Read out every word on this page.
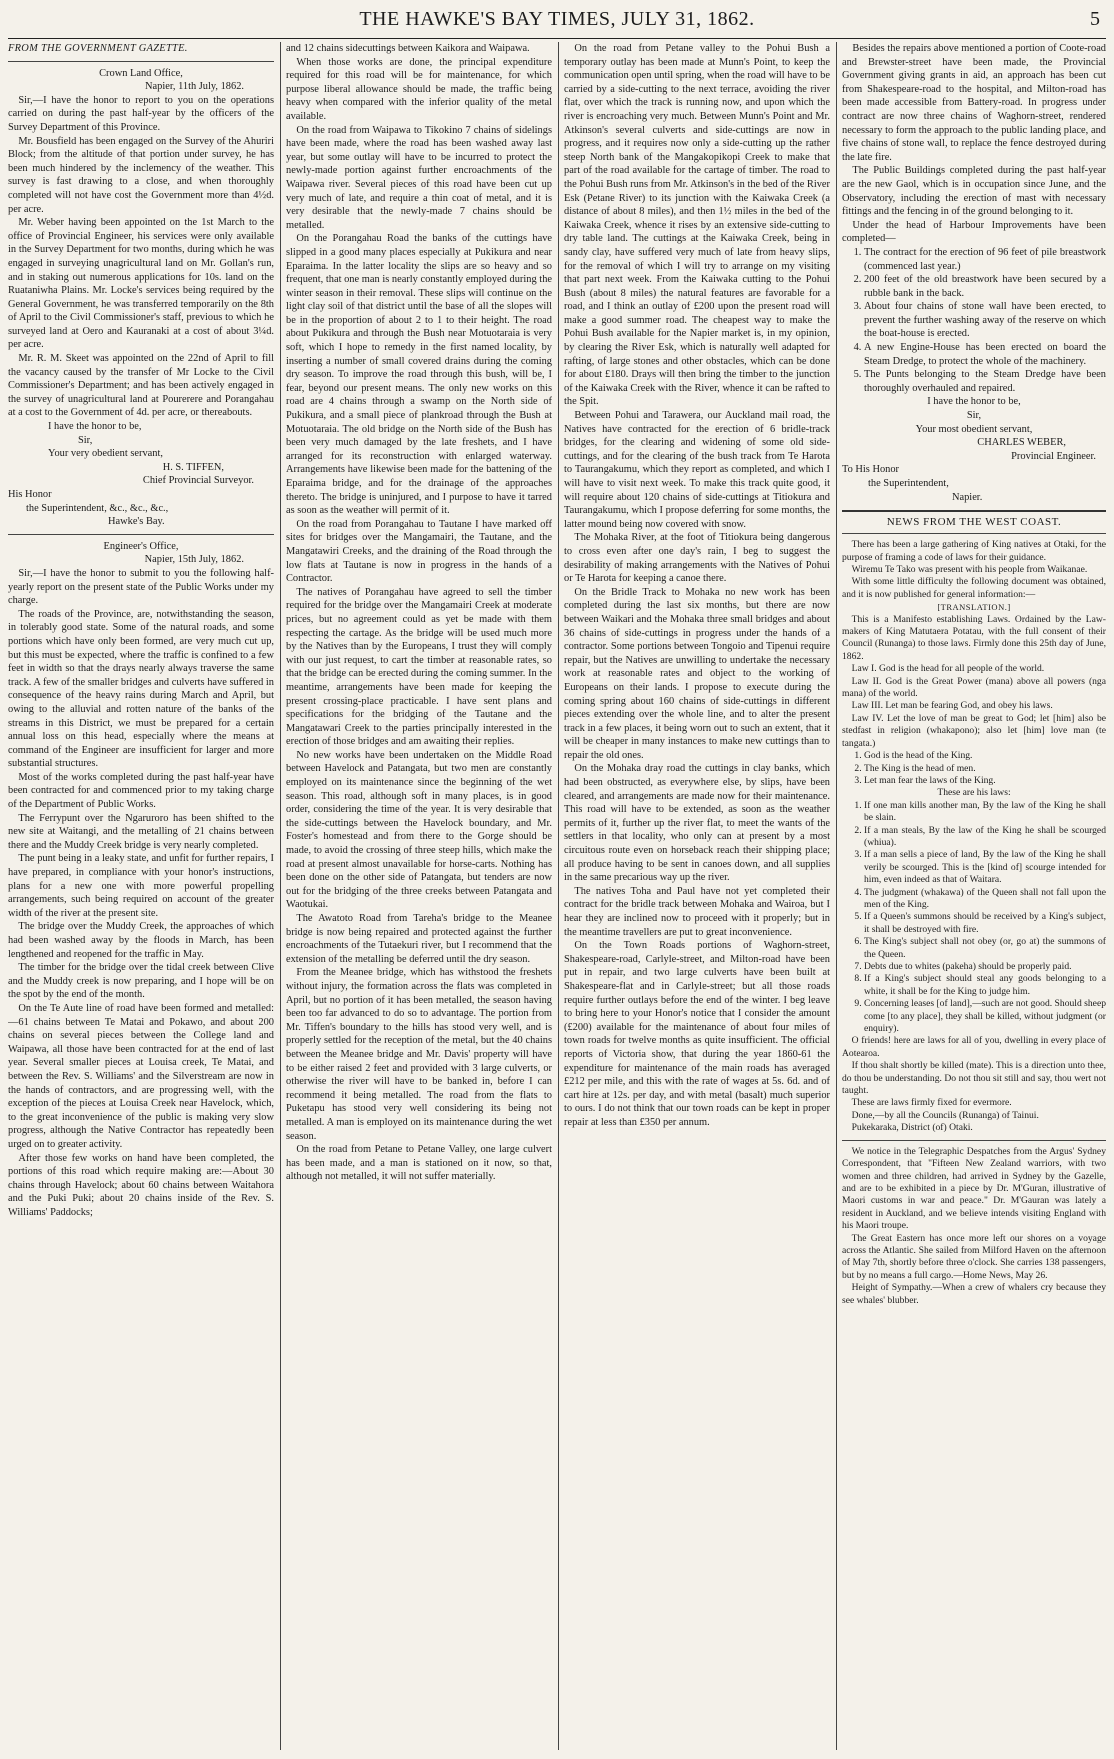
THE HAWKE'S BAY TIMES, JULY 31, 1862.	5

FROM THE GOVERNMENT GAZETTE.

Crown Land Office,

Napier, 11th July, 1862.

Sir,—I have the honor to report to you on the operations carried on during the past half-year by the officers of the Survey Department of this Province.

Mr. Bousfield has been engaged on the Survey of the Ahuriri Block; from the altitude of that portion under survey, he has been much hindered by the inclemency of the weather. This survey is fast drawing to a close, and when thoroughly completed will not have cost the Government more than 4½d. per acre.

Mr. Weber having been appointed on the 1st March to the office of Provincial Engineer, his services were only available in the Survey Department for two months, during which he was engaged in surveying unagricultural land on Mr. Gollan's run, and in staking out numerous applications for 10s. land on the Ruataniwha Plains. Mr. Locke's services being required by the General Government, he was transferred temporarily on the 8th of April to the Civil Commissioner's staff, previous to which he surveyed land at Oero and Kauranaki at a cost of about 3¼d. per acre.

Mr. R. M. Skeet was appointed on the 22nd of April to fill the vacancy caused by the transfer of Mr Locke to the Civil Commissioner's Department; and has been actively engaged in the survey of unagricultural land at Pourerere and Porangahau at a cost to the Government of 4d. per acre, or thereabouts.

I have the honor to be,

Sir,

Your very obedient servant,

H. S. TIFFEN,

Chief Provincial Surveyor.

His Honor

the Superintendent, &c., &c., &c.,

Hawke's Bay.

Engineer's Office,

Napier, 15th July, 1862.

Sir,—I have the honor to submit to you the following half-yearly report on the present state of the Public Works under my charge.

The roads of the Province, are, notwithstanding the season, in tolerably good state. Some of the natural roads, and some portions which have only been formed, are very much cut up, but this must be expected, where the traffic is confined to a few feet in width so that the drays nearly always traverse the same track. A few of the smaller bridges and culverts have suffered in consequence of the heavy rains during March and April, but owing to the alluvial and rotten nature of the banks of the streams in this District, we must be prepared for a certain annual loss on this head, especially where the means at command of the Engineer are insufficient for larger and more substantial structures.

Most of the works completed during the past half-year have been contracted for and commenced prior to my taking charge of the Department of Public Works.

The Ferrypunt over the Ngaruroro has been shifted to the new site at Waitangi, and the metalling of 21 chains between there and the Muddy Creek bridge is very nearly completed.

The punt being in a leaky state, and unfit for further repairs, I have prepared, in compliance with your honor's instructions, plans for a new one with more powerful propelling arrangements, such being required on account of the greater width of the river at the present site.

The bridge over the Muddy Creek, the approaches of which had been washed away by the floods in March, has been lengthened and reopened for the traffic in May.

The timber for the bridge over the tidal creek between Clive and the Muddy creek is now preparing, and I hope will be on the spot by the end of the month.

On the Te Aute line of road have been formed and metalled:—61 chains between Te Matai and Pokawo, and about 200 chains on several pieces between the College land and Waipawa, all those have been contracted for at the end of last year. Several smaller pieces at Louisa creek, Te Matai, and between the Rev. S. Williams' and the Silverstream are now in the hands of contractors, and are progressing well, with the exception of the pieces at Louisa Creek near Havelock, which, to the great inconvenience of the public is making very slow progress, although the Native Contractor has repeatedly been urged on to greater activity.

After those few works on hand have been completed, the portions of this road which require making are:—About 30 chains through Havelock; about 60 chains between Waitahora and the Puki Puki; about 20 chains inside of the Rev. S. Williams' Paddocks;

and 12 chains sidecuttings between Kaikora and Waipawa.

When those works are done, the principal expenditure required for this road will be for maintenance, for which purpose liberal allowance should be made, the traffic being heavy when compared with the inferior quality of the metal available.

On the road from Waipawa to Tikokino 7 chains of sidelings have been made, where the road has been washed away last year, but some outlay will have to be incurred to protect the newly-made portion against further encroachments of the Waipawa river. Several pieces of this road have been cut up very much of late, and require a thin coat of metal, and it is very desirable that the newly-made 7 chains should be metalled.

On the Porangahau Road the banks of the cuttings have slipped in a good many places especially at Pukikura and near Eparaima. In the latter locality the slips are so heavy and so frequent, that one man is nearly constantly employed during the winter season in their removal. These slips will continue on the light clay soil of that district until the base of all the slopes will be in the proportion of about 2 to 1 to their height. The road about Pukikura and through the Bush near Motuotaraia is very soft, which I hope to remedy in the first named locality, by inserting a number of small covered drains during the coming dry season. To improve the road through this bush, will be, I fear, beyond our present means. The only new works on this road are 4 chains through a swamp on the North side of Pukikura, and a small piece of plankroad through the Bush at Motuotaraia. The old bridge on the North side of the Bush has been very much damaged by the late freshets, and I have arranged for its reconstruction with enlarged waterway. Arrangements have likewise been made for the battening of the Eparaima bridge, and for the drainage of the approaches thereto. The bridge is uninjured, and I purpose to have it tarred as soon as the weather will permit of it.

On the road from Porangahau to Tautane I have marked off sites for bridges over the Mangamairi, the Tautane, and the Mangatawiri Creeks, and the draining of the Road through the low flats at Tautane is now in progress in the hands of a Contractor.

The natives of Porangahau have agreed to sell the timber required for the bridge over the Mangamairi Creek at moderate prices, but no agreement could as yet be made with them respecting the cartage. As the bridge will be used much more by the Natives than by the Europeans, I trust they will comply with our just request, to cart the timber at reasonable rates, so that the bridge can be erected during the coming summer. In the meantime, arrangements have been made for keeping the present crossing-place practicable. I have sent plans and specifications for the bridging of the Tautane and the Mangatawari Creek to the parties principally interested in the erection of those bridges and am awaiting their replies.

No new works have been undertaken on the Middle Road between Havelock and Patangata, but two men are constantly employed on its maintenance since the beginning of the wet season. This road, although soft in many places, is in good order, considering the time of the year. It is very desirable that the side-cuttings between the Havelock boundary, and Mr. Foster's homestead and from there to the Gorge should be made, to avoid the crossing of three steep hills, which make the road at present almost unavailable for horse-carts. Nothing has been done on the other side of Patangata, but tenders are now out for the bridging of the three creeks between Patangata and Waotukai.

The Awatoto Road from Tareha's bridge to the Meanee bridge is now being repaired and protected against the further encroachments of the Tutaekuri river, but I recommend that the extension of the metalling be deferred until the dry season.

From the Meanee bridge, which has withstood the freshets without injury, the formation across the flats was completed in April, but no portion of it has been metalled, the season having been too far advanced to do so to advantage. The portion from Mr. Tiffen's boundary to the hills has stood very well, and is properly settled for the reception of the metal, but the 40 chains between the Meanee bridge and Mr. Davis' property will have to be either raised 2 feet and provided with 3 large culverts, or otherwise the river will have to be banked in, before I can recommend it being metalled. The road from the flats to Puketapu has stood very well considering its being not metalled. A man is employed on its maintenance during the wet season.

On the road from Petane to Petane Valley, one large culvert has been made, and a man is stationed on it now, so that, although not metalled, it will not suffer materially.

On the road from Petane valley to the Pohui Bush a temporary outlay has been made at Munn's Point, to keep the communication open until spring, when the road will have to be carried by a side-cutting to the next terrace, avoiding the river flat, over which the track is running now, and upon which the river is encroaching very much. Between Munn's Point and Mr. Atkinson's several culverts and side-cuttings are now in progress, and it requires now only a side-cutting up the rather steep North bank of the Mangakopikopi Creek to make that part of the road available for the cartage of timber. The road to the Pohui Bush runs from Mr. Atkinson's in the bed of the River Esk (Petane River) to its junction with the Kaiwaka Creek (a distance of about 8 miles), and then 1½ miles in the bed of the Kaiwaka Creek, whence it rises by an extensive side-cutting to dry table land. The cuttings at the Kaiwaka Creek, being in sandy clay, have suffered very much of late from heavy slips, for the removal of which I will try to arrange on my visiting that part next week. From the Kaiwaka cutting to the Pohui Bush (about 8 miles) the natural features are favorable for a road, and I think an outlay of £200 upon the present road will make a good summer road. The cheapest way to make the Pohui Bush available for the Napier market is, in my opinion, by clearing the River Esk, which is naturally well adapted for rafting, of large stones and other obstacles, which can be done for about £180. Drays will then bring the timber to the junction of the Kaiwaka Creek with the River, whence it can be rafted to the Spit.

Between Pohui and Tarawera, our Auckland mail road, the Natives have contracted for the erection of 6 bridle-track bridges, for the clearing and widening of some old side-cuttings, and for the clearing of the bush track from Te Harota to Taurangakumu, which they report as completed, and which I will have to visit next week. To make this track quite good, it will require about 120 chains of side-cuttings at Titiokura and Taurangakumu, which I propose deferring for some months, the latter mound being now covered with snow.

The Mohaka River, at the foot of Titiokura being dangerous to cross even after one day's rain, I beg to suggest the desirability of making arrangements with the Natives of Pohui or Te Harota for keeping a canoe there.

On the Bridle Track to Mohaka no new work has been completed during the last six months, but there are now between Waikari and the Mohaka three small bridges and about 36 chains of side-cuttings in progress under the hands of a contractor. Some portions between Tongoio and Tipenui require repair, but the Natives are unwilling to undertake the necessary work at reasonable rates and object to the working of Europeans on their lands. I propose to execute during the coming spring about 160 chains of side-cuttings in different pieces extending over the whole line, and to alter the present track in a few places, it being worn out to such an extent, that it will be cheaper in many instances to make new cuttings than to repair the old ones.

On the Mohaka dray road the cuttings in clay banks, which had been obstructed, as everywhere else, by slips, have been cleared, and arrangements are made now for their maintenance. This road will have to be extended, as soon as the weather permits of it, further up the river flat, to meet the wants of the settlers in that locality, who only can at present by a most circuitous route even on horseback reach their shipping place; all produce having to be sent in canoes down, and all supplies in the same precarious way up the river.

The natives Toha and Paul have not yet completed their contract for the bridle track between Mohaka and Wairoa, but I hear they are inclined now to proceed with it properly; but in the meantime travellers are put to great inconvenience.

On the Town Roads portions of Waghorn-street, Shakespeare-road, Carlyle-street, and Milton-road have been put in repair, and two large culverts have been built at Shakespeare-flat and in Carlyle-street; but all those roads require further outlays before the end of the winter. I beg leave to bring here to your Honor's notice that I consider the amount (£200) available for the maintenance of about four miles of town roads for twelve months as quite insufficient. The official reports of Victoria show, that during the year 1860-61 the expenditure for maintenance of the main roads has averaged £212 per mile, and this with the rate of wages at 5s. 6d. and of cart hire at 12s. per day, and with metal (basalt) much superior to ours. I do not think that our town roads can be kept in proper repair at less than £350 per annum.

Besides the repairs above mentioned a portion of Coote-road and Brewster-street have been made, the Provincial Government giving grants in aid, an approach has been cut from Shakespeare-road to the hospital, and Milton-road has been made accessible from Battery-road. In progress under contract are now three chains of Waghorn-street, rendered necessary to form the approach to the public landing place, and five chains of stone wall, to replace the fence destroyed during the late fire.

The Public Buildings completed during the past half-year are the new Gaol, which is in occupation since June, and the Observatory, including the erection of mast with necessary fittings and the fencing in of the ground belonging to it.

Under the head of Harbour Improvements have been completed—

1. The contract for the erection of 96 feet of pile breastwork (commenced last year.)
2. 200 feet of the old breastwork have been secured by a rubble bank in the back.
3. About four chains of stone wall have been erected, to prevent the further washing away of the reserve on which the boat-house is erected.
4. A new Engine-House has been erected on board the Steam Dredge, to protect the whole of the machinery.
5. The Punts belonging to the Steam Dredge have been thoroughly overhauled and repaired.

I have the honor to be,

Sir,

Your most obedient servant,

CHARLES WEBER,

Provincial Engineer.

To His Honor

the Superintendent,

Napier.

NEWS FROM THE WEST COAST.

There has been a large gathering of King natives at Otaki, for the purpose of framing a code of laws for their guidance.

Wiremu Te Tako was present with his people from Waikanae.

With some little difficulty the following document was obtained, and it is now published for general information:—

[TRANSLATION.]

This is a Manifesto establishing Laws. Ordained by the Law-makers of King Matutaera Potatau, with the full consent of their Council (Runanga) to those laws. Firmly done this 25th day of June, 1862.

Law I. God is the head for all people of the world.

Law II. God is the Great Power (mana) above all powers (nga mana) of the world.

Law III. Let man be fearing God, and obey his laws.

Law IV. Let the love of man be great to God; let [him] also be stedfast in religion (whakapono); also let [him] love man (te tangata.)

1. God is the head of the King.
2. The King is the head of men.
3. Let man fear the laws of the King.

These are his laws:

1. If one man kills another man, By the law of the King he shall be slain.
2. If a man steals, By the law of the King he shall be scourged (whiua).
3. If a man sells a piece of land, By the law of the King he shall verily be scourged. This is the [kind of] scourge intended for him, even indeed as that of Waitara.
4. The judgment (whakawa) of the Queen shall not fall upon the men of the King.
5. If a Queen's summons should be received by a King's subject, it shall be destroyed with fire.
6. The King's subject shall not obey (or, go at) the summons of the Queen.
7. Debts due to whites (pakeha) should be properly paid.
8. If a King's subject should steal any goods belonging to a white, it shall be for the King to judge him.
9. Concerning leases [of land],—such are not good. Should sheep come [to any place], they shall be killed, without judgment (or enquiry).

O friends! here are laws for all of you, dwelling in every place of Aotearoa.

If thou shalt shortly be killed (mate). This is a direction unto thee, do thou be understanding. Do not thou sit still and say, thou wert not taught.

These are laws firmly fixed for evermore.

Done,—by all the Councils (Runanga) of Tainui.

Pukekaraka, District (of) Otaki.

We notice in the Telegraphic Despatches from the Argus' Sydney Correspondent, that "Fifteen New Zealand warriors, with two women and three children, had arrived in Sydney by the Gazelle, and are to be exhibited in a piece by Dr. M'Guran, illustrative of Maori customs in war and peace." Dr. M'Gauran was lately a resident in Auckland, and we believe intends visiting England with his Maori troupe.

The Great Eastern has once more left our shores on a voyage across the Atlantic. She sailed from Milford Haven on the afternoon of May 7th, shortly before three o'clock. She carries 138 passengers, but by no means a full cargo.—Home News, May 26.

Height of Sympathy.—When a crew of whalers cry because they see whales' blubber.
